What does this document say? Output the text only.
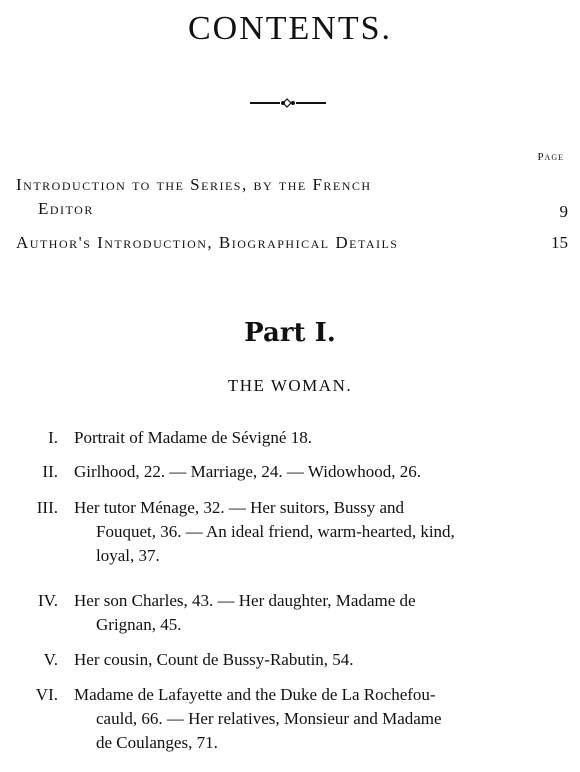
CONTENTS.
Page
Introduction to the Series, by the French
Editor	9
Author's Introduction, Biographical Details	15
Part I.
THE WOMAN.
I. Portrait of Madame de Sévigné 18.
II. Girlhood, 22. — Marriage, 24. — Widowhood, 26.
III. Her tutor Ménage, 32. — Her suitors, Bussy and
Fouquet, 36. — An ideal friend, warm-hearted, kind,
loyal, 37.
IV. Her son Charles, 43. — Her daughter, Madame de
Grignan, 45.
V. Her cousin, Count de Bussy-Rabutin, 54.
VI. Madame de Lafayette and the Duke de La Rochefou-
cauld, 66. — Her relatives, Monsieur and Madame
de Coulanges, 71.
